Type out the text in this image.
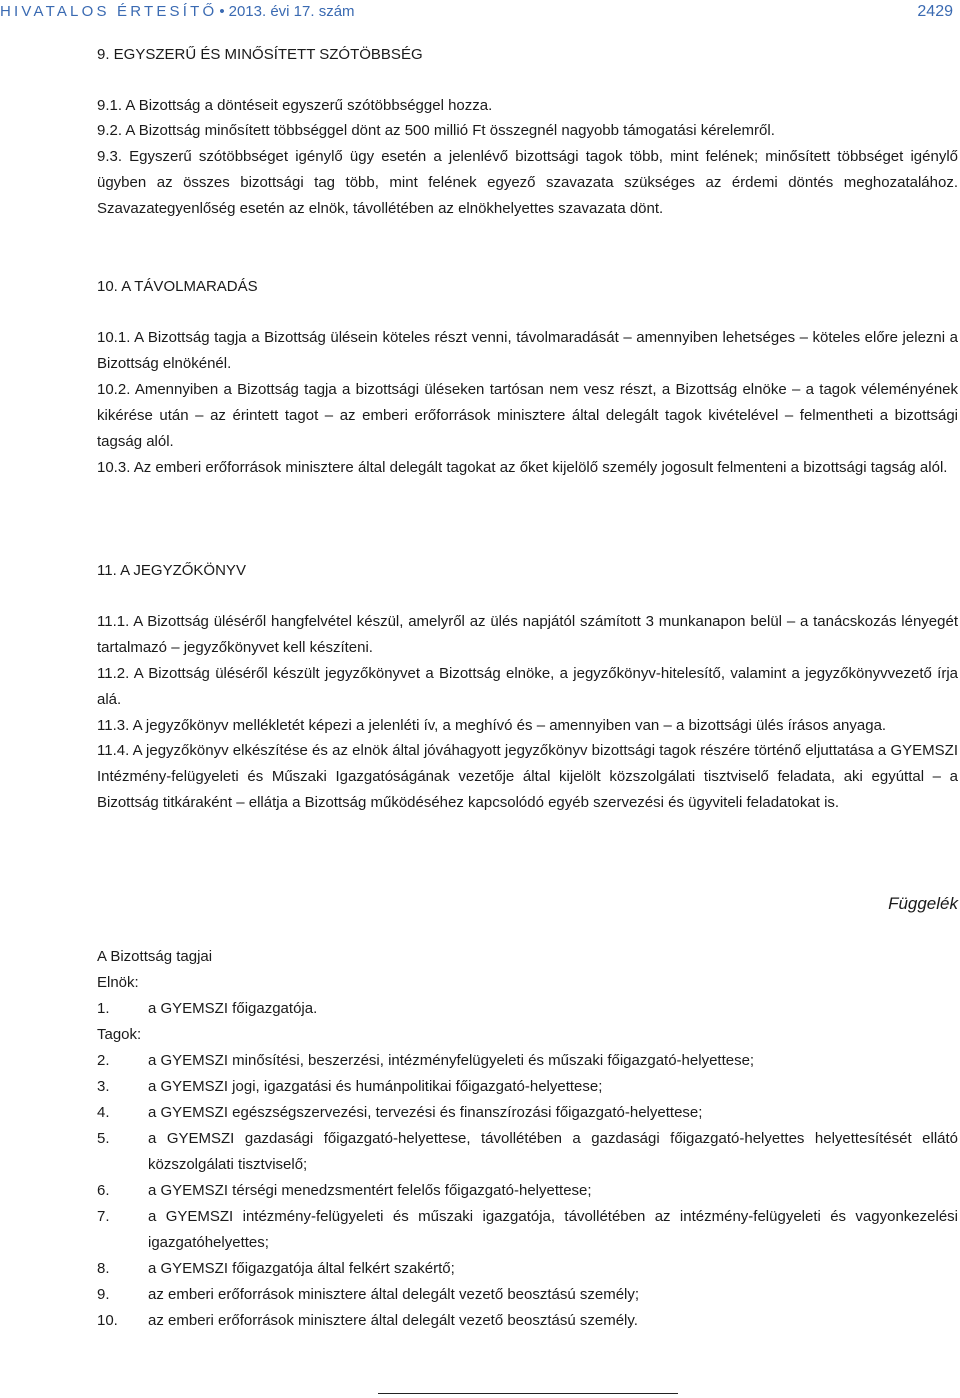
HIVATALOS ÉRTESÍTŐ • 2013. évi 17. szám	2429
9. EGYSZERŰ ÉS MINŐSÍTETT SZÓTÖBBSÉG
9.1. A Bizottság a döntéseit egyszerű szótöbbséggel hozza.
9.2. A Bizottság minősített többséggel dönt az 500 millió Ft összegnél nagyobb támogatási kérelemről.
9.3. Egyszerű szótöbbséget igénylő ügy esetén a jelenlévő bizottsági tagok több, mint felének; minősített többséget igénylő ügyben az összes bizottsági tag több, mint felének egyező szavazata szükséges az érdemi döntés meghozatalához. Szavazategyenlőség esetén az elnök, távollétében az elnökhelyettes szavazata dönt.
10. A TÁVOLMARADÁS
10.1. A Bizottság tagja a Bizottság ülésein köteles részt venni, távolmaradását – amennyiben lehetséges – köteles előre jelezni a Bizottság elnökénél.
10.2. Amennyiben a Bizottság tagja a bizottsági üléseken tartósan nem vesz részt, a Bizottság elnöke – a tagok véleményének kikérése után – az érintett tagot – az emberi erőforrások minisztere által delegált tagok kivételével – felmentheti a bizottsági tagság alól.
10.3. Az emberi erőforrások minisztere által delegált tagokat az őket kijelölő személy jogosult felmenteni a bizottsági tagság alól.
11. A JEGYZŐKÖNYV
11.1. A Bizottság üléséről hangfelvétel készül, amelyről az ülés napjától számított 3 munkanapon belül – a tanácskozás lényegét tartalmazó – jegyzőkönyvet kell készíteni.
11.2. A Bizottság üléséről készült jegyzőkönyvet a Bizottság elnöke, a jegyzőkönyv-hitelesítő, valamint a jegyzőkönyvvezető írja alá.
11.3. A jegyzőkönyv mellékletét képezi a jelenléti ív, a meghívó és – amennyiben van – a bizottsági ülés írásos anyaga.
11.4. A jegyzőkönyv elkészítése és az elnök által jóváhagyott jegyzőkönyv bizottsági tagok részére történő eljuttatása a GYEMSZI Intézmény-felügyeleti és Műszaki Igazgatóságának vezetője által kijelölt közszolgálati tisztviselő feladata, aki egyúttal – a Bizottság titkáraként – ellátja a Bizottság működéséhez kapcsolódó egyéb szervezési és ügyviteli feladatokat is.
Függelék
A Bizottság tagjai
Elnök:
1.	a GYEMSZI főigazgatója.
Tagok:
2.	a GYEMSZI minősítési, beszerzési, intézményfelügyeleti és műszaki főigazgató-helyettese;
3.	a GYEMSZI jogi, igazgatási és humánpolitikai főigazgató-helyettese;
4.	a GYEMSZI egészségszervezési, tervezési és finanszírozási főigazgató-helyettese;
5.	a GYEMSZI gazdasági főigazgató-helyettese, távollétében a gazdasági főigazgató-helyettes helyettesítését ellátó közszolgálati tisztviselő;
6.	a GYEMSZI térségi menedzsmentért felelős főigazgató-helyettese;
7.	a GYEMSZI intézmény-felügyeleti és műszaki igazgatója, távollétében az intézmény-felügyeleti és vagyonkezelési igazgatóhelyettes;
8.	a GYEMSZI főigazgatója által felkért szakértő;
9.	az emberi erőforrások minisztere által delegált vezető beosztású személy;
10. az emberi erőforrások minisztere által delegált vezető beosztású személy.
